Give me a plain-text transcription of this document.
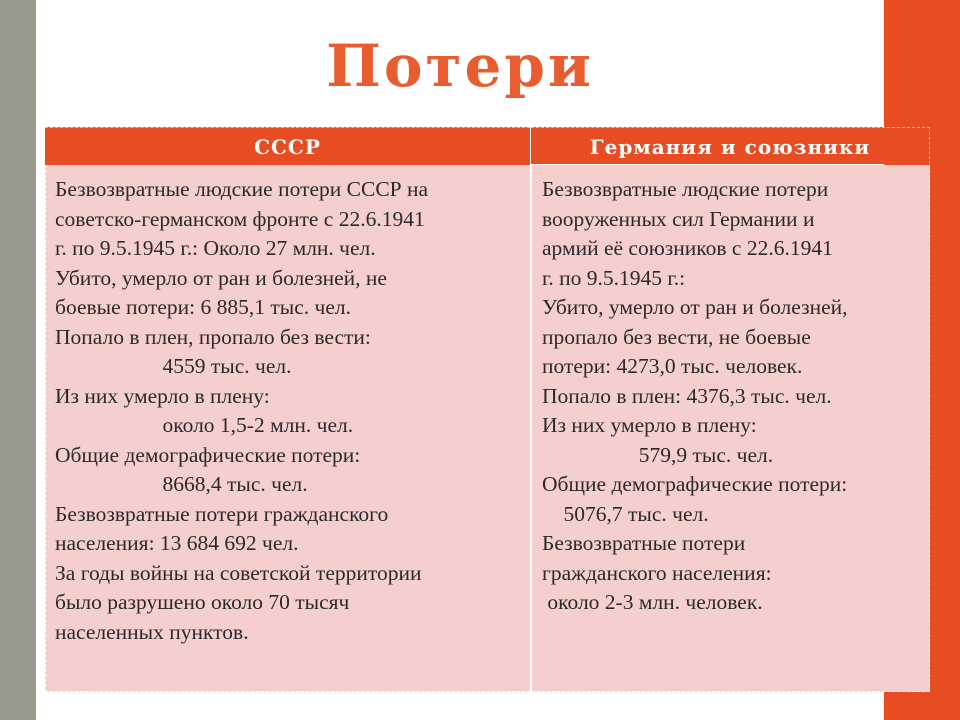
Потери
СССР	Германия и союзники
Безвозвратные людские потери СССР на
советско-германском фронте с 22.6.1941
г. по 9.5.1945 г.: Около 27 млн. чел.
Убито, умерло от ран и болезней, не
боевые потери: 6 885,1 тыс. чел.
Попало в плен, пропало без вести:
4559 тыс. чел.
Из них умерло в плену:
около 1,5-2 млн. чел.
Общие демографические потери:
8668,4 тыс. чел.
Безвозвратные потери гражданского
населения: 13 684 692 чел.
За годы войны на советской территории
было разрушено около 70 тысяч
населенных пунктов.
Безвозвратные людские потери
вооруженных сил Германии и
армий её союзников с 22.6.1941
г. по 9.5.1945 г.:
Убито, умерло от ран и болезней,
пропало без вести, не боевые
потери: 4273,0 тыс. человек.
Попало в плен: 4376,3 тыс. чел.
Из них умерло в плену:
579,9 тыс. чел.
Общие демографические потери:
5076,7 тыс. чел.
Безвозвратные потери
гражданского населения:
около 2-3 млн. человек.
